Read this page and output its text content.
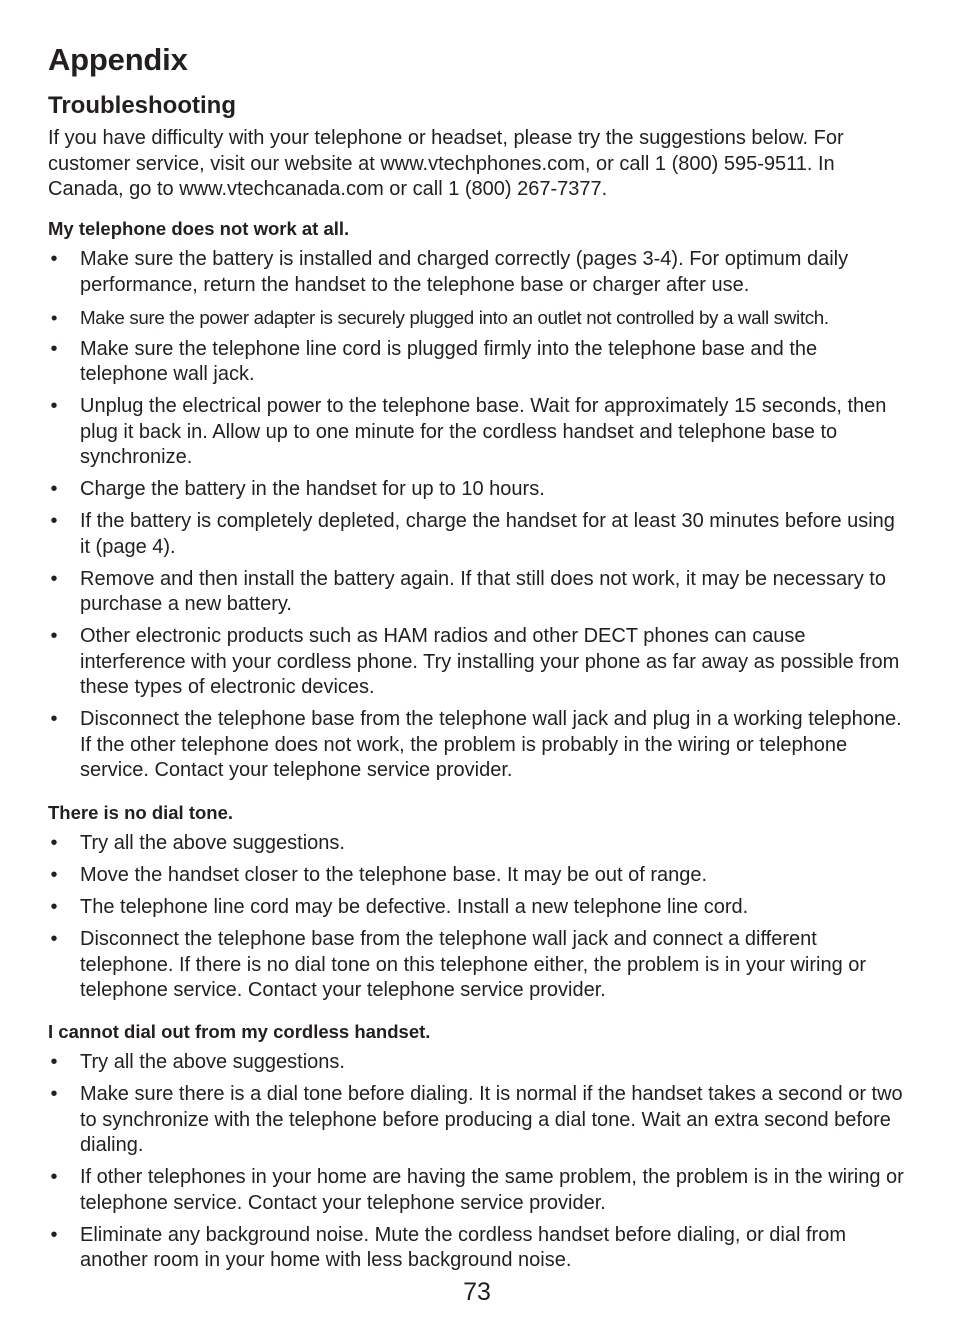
Appendix
Troubleshooting

If you have difficulty with your telephone or headset, please try the suggestions below. For customer service, visit our website at www.vtechphones.com, or call 1 (800) 595-9511. In Canada, go to www.vtechcanada.com or call 1 (800) 267-7377.

My telephone does not work at all.

• Make sure the battery is installed and charged correctly (pages 3-4). For optimum daily performance, return the handset to the telephone base or charger after use.
• Make sure the power adapter is securely plugged into an outlet not controlled by a wall switch.
• Make sure the telephone line cord is plugged firmly into the telephone base and the telephone wall jack.
• Unplug the electrical power to the telephone base. Wait for approximately 15 seconds, then plug it back in. Allow up to one minute for the cordless handset and telephone base to synchronize.
• Charge the battery in the handset for up to 10 hours.
• If the battery is completely depleted, charge the handset for at least 30 minutes before using it (page 4).
• Remove and then install the battery again. If that still does not work, it may be necessary to purchase a new battery.
• Other electronic products such as HAM radios and other DECT phones can cause interference with your cordless phone. Try installing your phone as far away as possible from these types of electronic devices.
• Disconnect the telephone base from the telephone wall jack and plug in a working telephone. If the other telephone does not work, the problem is probably in the wiring or telephone service. Contact your telephone service provider.

There is no dial tone.

• Try all the above suggestions.
• Move the handset closer to the telephone base. It may be out of range.
• The telephone line cord may be defective. Install a new telephone line cord.
• Disconnect the telephone base from the telephone wall jack and connect a different telephone. If there is no dial tone on this telephone either, the problem is in your wiring or telephone service. Contact your telephone service provider.

I cannot dial out from my cordless handset.

• Try all the above suggestions.
• Make sure there is a dial tone before dialing. It is normal if the handset takes a second or two to synchronize with the telephone before producing a dial tone. Wait an extra second before dialing.
• If other telephones in your home are having the same problem, the problem is in the wiring or telephone service. Contact your telephone service provider.
• Eliminate any background noise. Mute the cordless handset before dialing, or dial from another room in your home with less background noise.
73
